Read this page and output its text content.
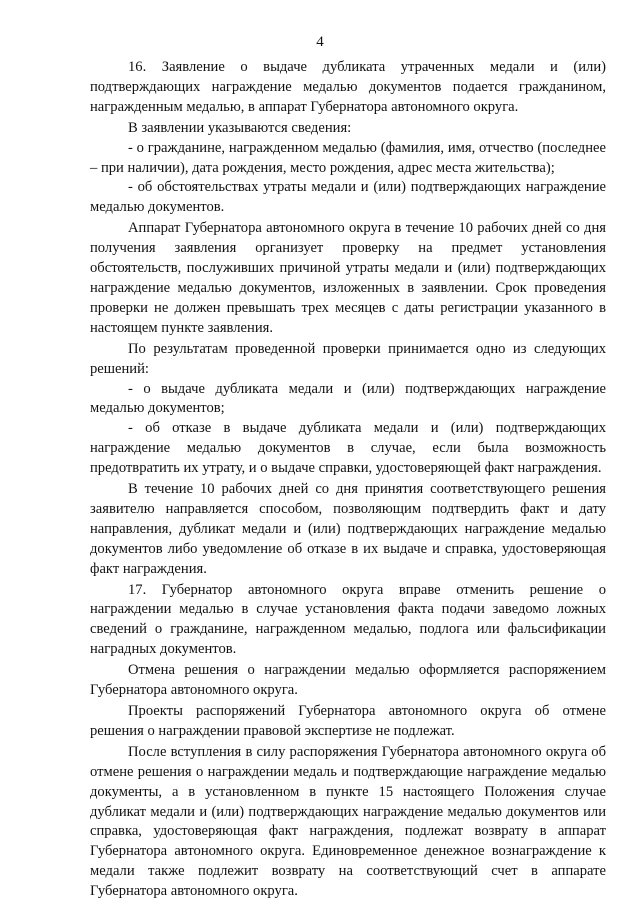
4

16. Заявление о выдаче дубликата утраченных медали и (или) подтверждающих награждение медалью документов подается гражданином, награжденным медалью, в аппарат Губернатора автономного округа.

В заявлении указываются сведения:

- о гражданине, награжденном медалью (фамилия, имя, отчество (последнее – при наличии), дата рождения, место рождения, адрес места жительства);

- об обстоятельствах утраты медали и (или) подтверждающих награждение медалью документов.

Аппарат Губернатора автономного округа в течение 10 рабочих дней со дня получения заявления организует проверку на предмет установления обстоятельств, послуживших причиной утраты медали и (или) подтверждающих награждение медалью документов, изложенных в заявлении. Срок проведения проверки не должен превышать трех месяцев с даты регистрации указанного в настоящем пункте заявления.

По результатам проведенной проверки принимается одно из следующих решений:

- о выдаче дубликата медали и (или) подтверждающих награждение медалью документов;

- об отказе в выдаче дубликата медали и (или) подтверждающих награждение медалью документов в случае, если была возможность предотвратить их утрату, и о выдаче справки, удостоверяющей факт награждения.

В течение 10 рабочих дней со дня принятия соответствующего решения заявителю направляется способом, позволяющим подтвердить факт и дату направления, дубликат медали и (или) подтверждающих награждение медалью документов либо уведомление об отказе в их выдаче и справка, удостоверяющая факт награждения.

17. Губернатор автономного округа вправе отменить решение о награждении медалью в случае установления факта подачи заведомо ложных сведений о гражданине, награжденном медалью, подлога или фальсификации наградных документов.

Отмена решения о награждении медалью оформляется распоряжением Губернатора автономного округа.

Проекты распоряжений Губернатора автономного округа об отмене решения о награждении правовой экспертизе не подлежат.

После вступления в силу распоряжения Губернатора автономного округа об отмене решения о награждении медаль и подтверждающие награждение медалью документы, а в установленном в пункте 15 настоящего Положения случае дубликат медали и (или) подтверждающих награждение медалью документов или справка, удостоверяющая факт награждения, подлежат возврату в аппарат Губернатора автономного округа. Единовременное денежное вознаграждение к медали также подлежит возврату на соответствующий счет в аппарате Губернатора автономного округа.
